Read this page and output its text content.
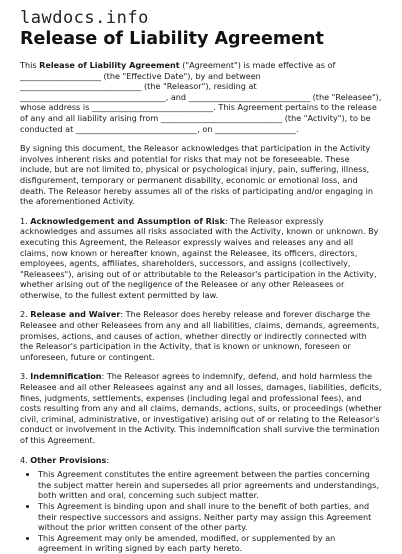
lawdocs.info
Release of Liability Agreement

This Release of Liability Agreement ("Agreement") is made effective as of ____________________ (the "Effective Date"), by and between ______________________________ (the "Releasor"), residing at ____________________________________, and ______________________________ (the "Releasee"), whose address is ______________________________. This Agreement pertains to the release of any and all liability arising from ______________________________ (the "Activity"), to be conducted at ______________________________, on ____________________.

By signing this document, the Releasor acknowledges that participation in the Activity involves inherent risks and potential for risks that may not be foreseeable. These include, but are not limited to, physical or psychological injury, pain, suffering, illness, disfigurement, temporary or permanent disability, economic or emotional loss, and death. The Releasor hereby assumes all of the risks of participating and/or engaging in the aforementioned Activity.

1. Acknowledgement and Assumption of Risk: The Releasor expressly acknowledges and assumes all risks associated with the Activity, known or unknown. By executing this Agreement, the Releasor expressly waives and releases any and all claims, now known or hereafter known, against the Releasee, its officers, directors, employees, agents, affiliates, shareholders, successors, and assigns (collectively, "Releasees"), arising out of or attributable to the Releasor's participation in the Activity, whether arising out of the negligence of the Releasee or any other Releasees or otherwise, to the fullest extent permitted by law.

2. Release and Waiver: The Releasor does hereby release and forever discharge the Releasee and other Releasees from any and all liabilities, claims, demands, agreements, promises, actions, and causes of action, whether directly or indirectly connected with the Releasor's participation in the Activity, that is known or unknown, foreseen or unforeseen, future or contingent.

3. Indemnification: The Releasor agrees to indemnify, defend, and hold harmless the Releasee and all other Releasees against any and all losses, damages, liabilities, deficits, fines, judgments, settlements, expenses (including legal and professional fees), and costs resulting from any and all claims, demands, actions, suits, or proceedings (whether civil, criminal, administrative, or investigative) arising out of or relating to the Releasor's conduct or involvement in the Activity. This indemnification shall survive the termination of this Agreement.

4. Other Provisions:

• This Agreement constitutes the entire agreement between the parties concerning the subject matter herein and supersedes all prior agreements and understandings, both written and oral, concerning such subject matter.
• This Agreement is binding upon and shall inure to the benefit of both parties, and their respective successors and assigns. Neither party may assign this Agreement without the prior written consent of the other party.
• This Agreement may only be amended, modified, or supplemented by an agreement in writing signed by each party hereto.
